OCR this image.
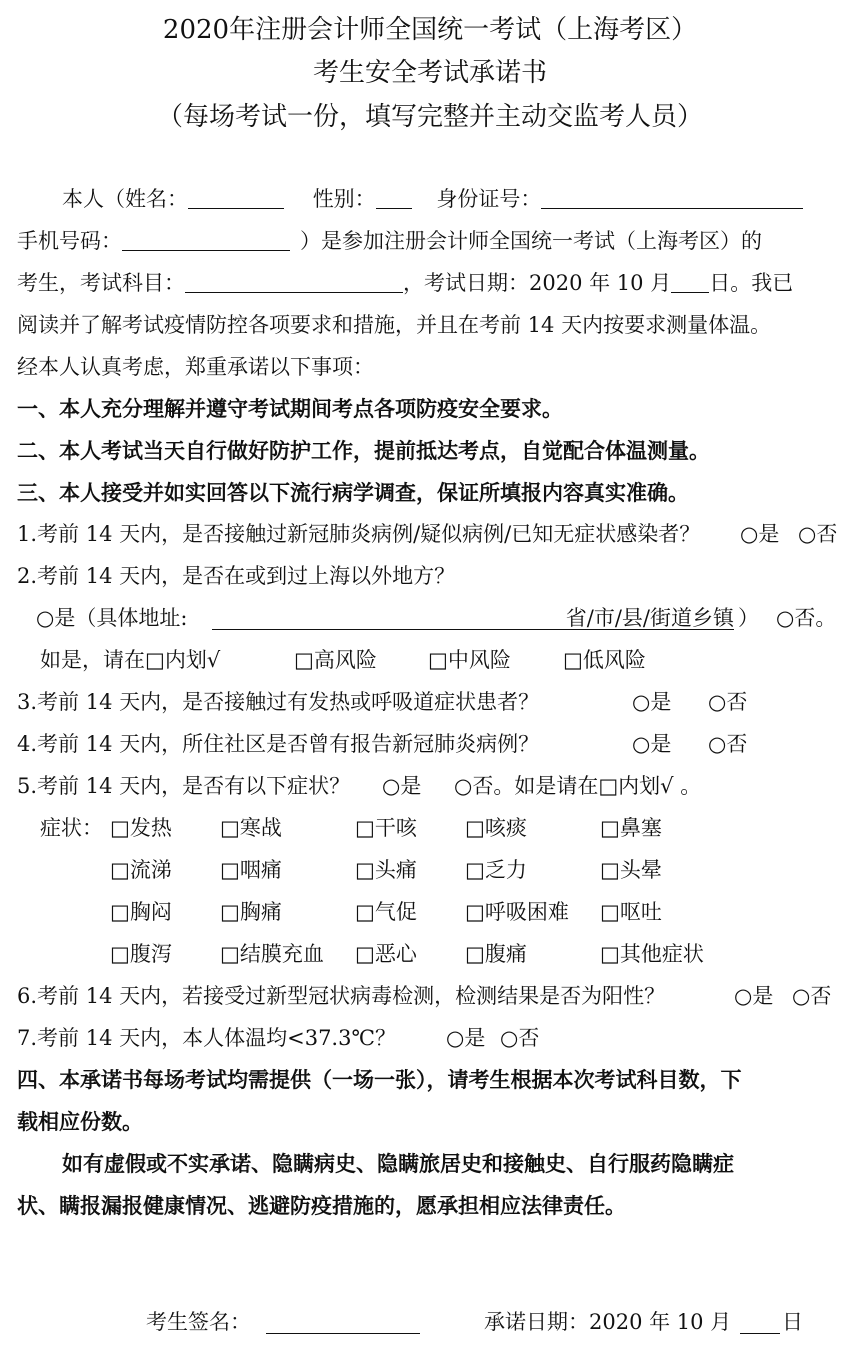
2020年注册会计师全国统一考试（上海考区）
考生安全考试承诺书
（每场考试一份，填写完整并主动交监考人员）
本人（姓名：	性别：	身份证号：
手机号码：	）是参加注册会计师全国统一考试（上海考区）的
考生，考试科目：	，考试日期：2020 年 10 月 日。我已
阅读并了解考试疫情防控各项要求和措施，并且在考前 14 天内按要求测量体温。
经本人认真考虑，郑重承诺以下事项：
一、本人充分理解并遵守考试期间考点各项防疫安全要求。
二、本人考试当天自行做好防护工作，提前抵达考点，自觉配合体温测量。
三、本人接受并如实回答以下流行病学调查，保证所填报内容真实准确。
1.考前 14 天内，是否接触过新冠肺炎病例/疑似病例/已知无症状感染者？ ○是 ○否
2.考前 14 天内，是否在或到过上海以外地方？
○是（具体地址:	省/市/县/街道乡镇 ） ○否。
如是，请在□内划√	□高风险 □中风险 □低风险
3.考前 14 天内，是否接触过有发热或呼吸道症状患者？	○是 ○否
4.考前 14 天内，所住社区是否曾有报告新冠肺炎病例？	○是 ○否
5.考前 14 天内，是否有以下症状？ ○是 ○否。如是请在□内划√ 。
症状： □发热 □寒战	□干咳 □咳痰	□鼻塞
□流涕 □咽痛	□头痛 □乏力	□头晕
□胸闷 □胸痛	□气促 □呼吸困难 □呕吐
□腹泻 □结膜充血 □恶心 □腹痛	□其他症状
6.考前 14 天内，若接受过新型冠状病毒检测，检测结果是否为阳性？	○是 ○否
7.考前 14 天内，本人体温均<37.3℃？ ○是 ○否
四、本承诺书每场考试均需提供（一场一张），请考生根据本次考试科目数，下
载相应份数。
如有虚假或不实承诺、隐瞒病史、隐瞒旅居史和接触史、自行服药隐瞒症
状、瞒报漏报健康情况、逃避防疫措施的，愿承担相应法律责任。
考生签名：	承诺日期：2020 年 10 月 日
